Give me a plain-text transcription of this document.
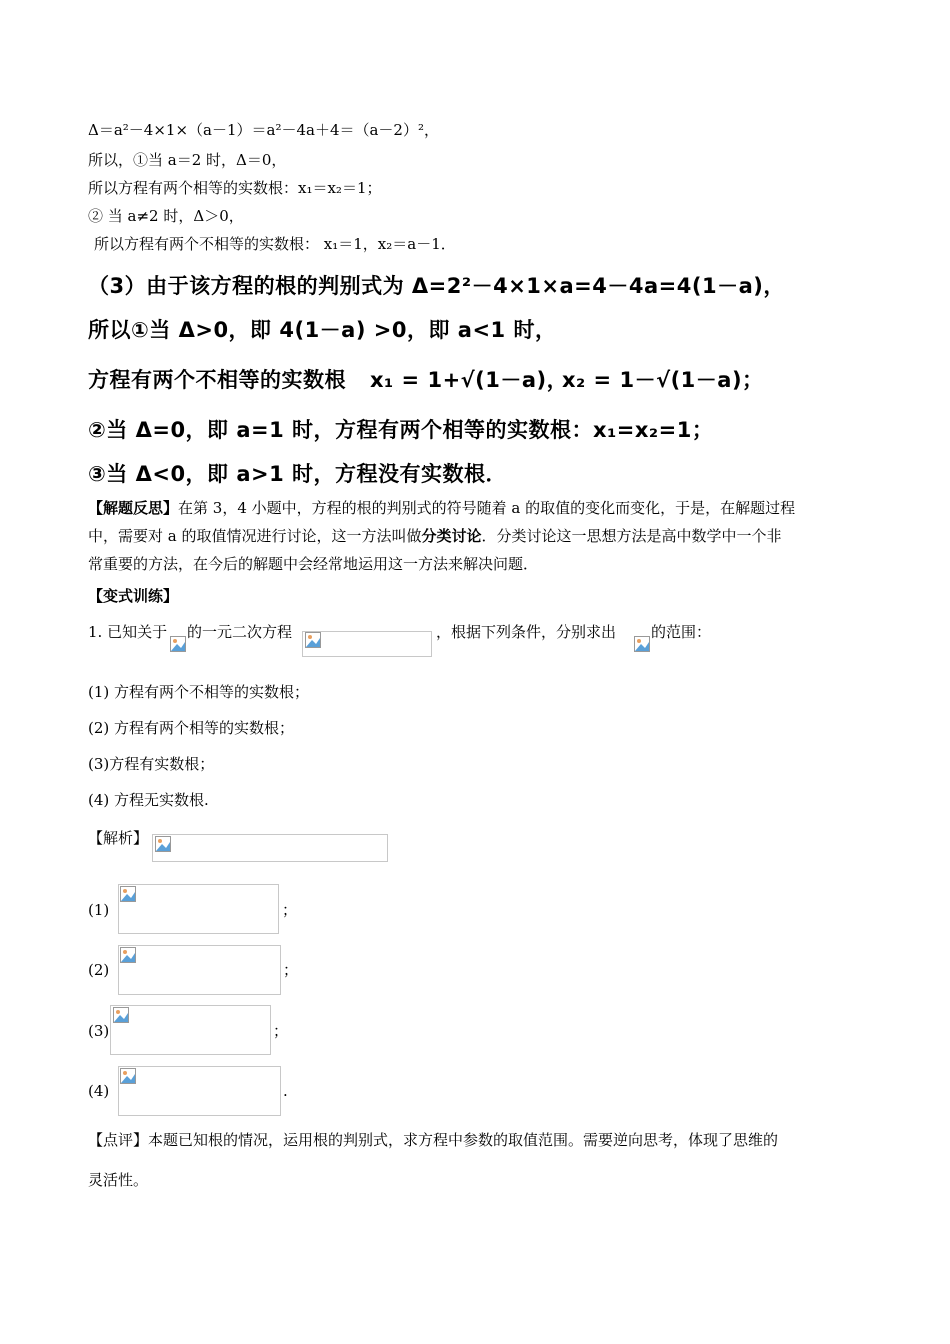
Δ＝a²－4×1×（a－1）＝a²－4a＋4＝（a－2）²，
所以，①当 a＝2 时，Δ＝0，
所以方程有两个相等的实数根：x₁＝x₂＝1；
② 当 a≠2 时，Δ＞0，
所以方程有两个不相等的实数根： x₁＝1，x₂＝a－1．
（3）由于该方程的根的判别式为 Δ=2²－4×1×a=4－4a=4(1－a)，
所以①当 Δ>0，即 4(1－a) >0，即 a<1 时，
方程有两个不相等的实数根 x₁ = 1+√(1－a)，
x₂ = 1－√(1－a)；
②当 Δ=0，即 a=1 时，方程有两个相等的实数根：x₁=x₂=1；
③当 Δ<0，即 a>1 时，方程没有实数根．
【解题反思】在第 3，4 小题中，方程的根的判别式的符号随着 a 的取值的变化而变化，于是，在解题过程
中，需要对 a 的取值情况进行讨论，这一方法叫做分类讨论．分类讨论这一思想方法是高中数学中一个非
常重要的方法，在今后的解题中会经常地运用这一方法来解决问题．
【变式训练】
1. 已知关于 的一元二次方程	，根据下列条件，分别求出 的范围：
(1) 方程有两个不相等的实数根；
(2) 方程有两个相等的实数根；
(3)方程有实数根；
(4) 方程无实数根.
【解析】
(1)	；
(2)	；
(3)	；
(4)	.
【点评】本题已知根的情况，运用根的判别式，求方程中参数的取值范围。需要逆向思考，体现了思维的
灵活性。
